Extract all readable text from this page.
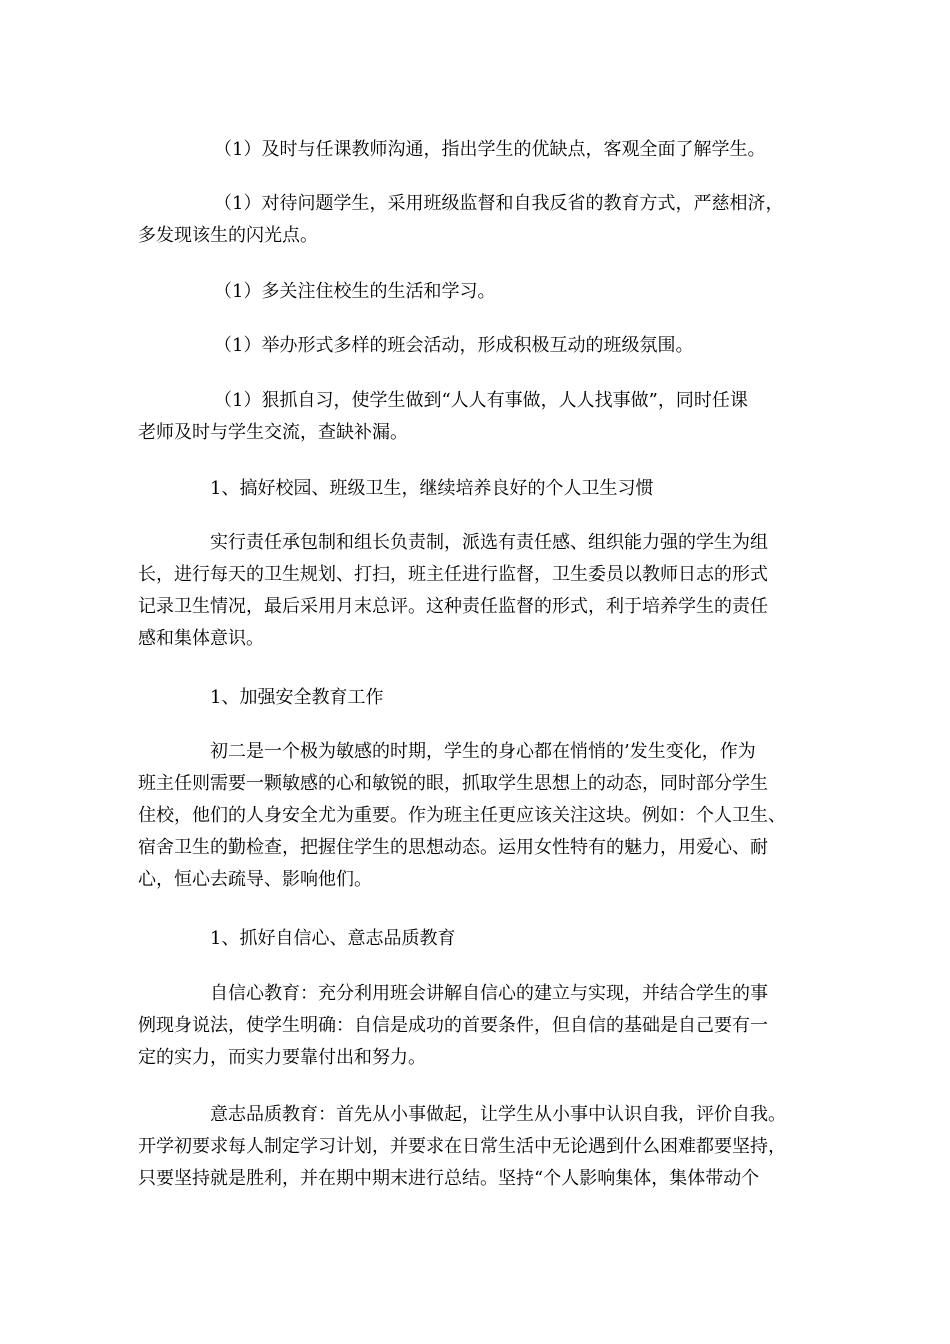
（1）及时与任课教师沟通，指出学生的优缺点，客观全面了解学生。

（1）对待问题学生，采用班级监督和自我反省的教育方式，严慈相济，
多发现该生的闪光点。

（1）多关注住校生的生活和学习。

（1）举办形式多样的班会活动，形成积极互动的班级氛围。

（1）狠抓自习，使学生做到“人人有事做，人人找事做”，同时任课
老师及时与学生交流，查缺补漏。

1、搞好校园、班级卫生，继续培养良好的个人卫生习惯

实行责任承包制和组长负责制，派选有责任感、组织能力强的学生为组
长，进行每天的卫生规划、打扫，班主任进行监督，卫生委员以教师日志的形式
记录卫生情况，最后采用月末总评。这种责任监督的形式，利于培养学生的责任
感和集体意识。

1、加强安全教育工作

初二是一个极为敏感的时期，学生的身心都在悄悄的’发生变化，作为
班主任则需要一颗敏感的心和敏锐的眼，抓取学生思想上的动态，同时部分学生
住校，他们的人身安全尤为重要。作为班主任更应该关注这块。例如：个人卫生、
宿舍卫生的勤检查，把握住学生的思想动态。运用女性特有的魅力，用爱心、耐
心，恒心去疏导、影响他们。

1、抓好自信心、意志品质教育

自信心教育：充分利用班会讲解自信心的建立与实现，并结合学生的事
例现身说法，使学生明确：自信是成功的首要条件，但自信的基础是自己要有一
定的实力，而实力要靠付出和努力。

意志品质教育：首先从小事做起，让学生从小事中认识自我，评价自我。
开学初要求每人制定学习计划，并要求在日常生活中无论遇到什么困难都要坚持，
只要坚持就是胜利，并在期中期末进行总结。坚持“个人影响集体，集体带动个
